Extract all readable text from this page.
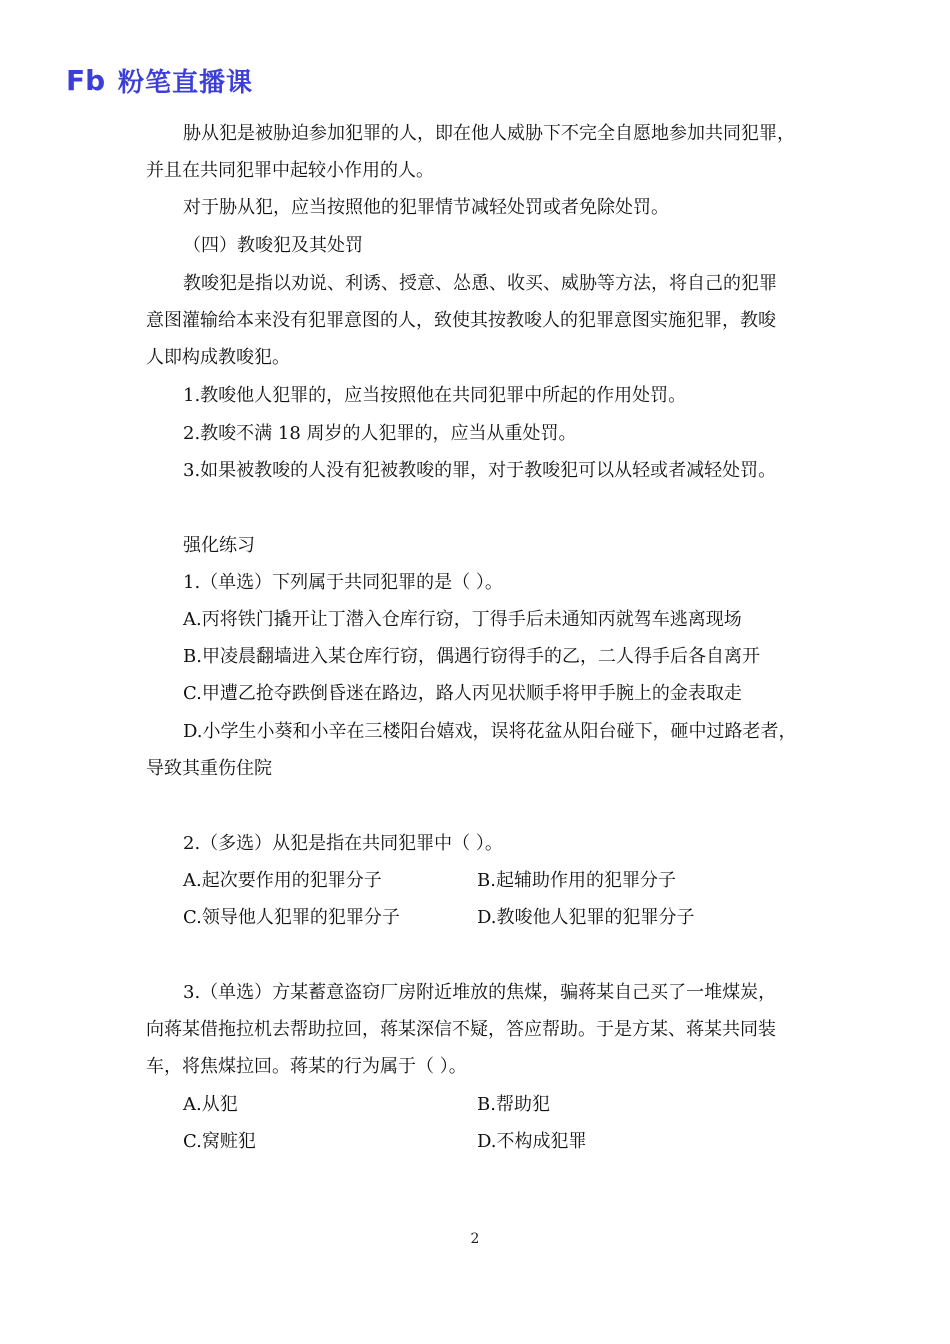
Fb 粉笔直播课
胁从犯是被胁迫参加犯罪的人，即在他人威胁下不完全自愿地参加共同犯罪，
并且在共同犯罪中起较小作用的人。
对于胁从犯，应当按照他的犯罪情节减轻处罚或者免除处罚。
（四）教唆犯及其处罚
教唆犯是指以劝说、利诱、授意、怂恿、收买、威胁等方法，将自己的犯罪
意图灌输给本来没有犯罪意图的人，致使其按教唆人的犯罪意图实施犯罪，教唆
人即构成教唆犯。
1.教唆他人犯罪的，应当按照他在共同犯罪中所起的作用处罚。
2.教唆不满 18 周岁的人犯罪的，应当从重处罚。
3.如果被教唆的人没有犯被教唆的罪，对于教唆犯可以从轻或者减轻处罚。
强化练习
1.（单选）下列属于共同犯罪的是（ ）。
A.丙将铁门撬开让丁潜入仓库行窃，丁得手后未通知丙就驾车逃离现场
B.甲凌晨翻墙进入某仓库行窃，偶遇行窃得手的乙，二人得手后各自离开
C.甲遭乙抢夺跌倒昏迷在路边，路人丙见状顺手将甲手腕上的金表取走
D.小学生小葵和小辛在三楼阳台嬉戏，误将花盆从阳台碰下，砸中过路老者，
导致其重伤住院
2.（多选）从犯是指在共同犯罪中（ ）。
A.起次要作用的犯罪分子	B.起辅助作用的犯罪分子
C.领导他人犯罪的犯罪分子	D.教唆他人犯罪的犯罪分子
3.（单选）方某蓄意盗窃厂房附近堆放的焦煤，骗蒋某自己买了一堆煤炭，
向蒋某借拖拉机去帮助拉回，蒋某深信不疑，答应帮助。于是方某、蒋某共同装
车，将焦煤拉回。蒋某的行为属于（ ）。
A.从犯	B.帮助犯
C.窝赃犯	D.不构成犯罪
2
